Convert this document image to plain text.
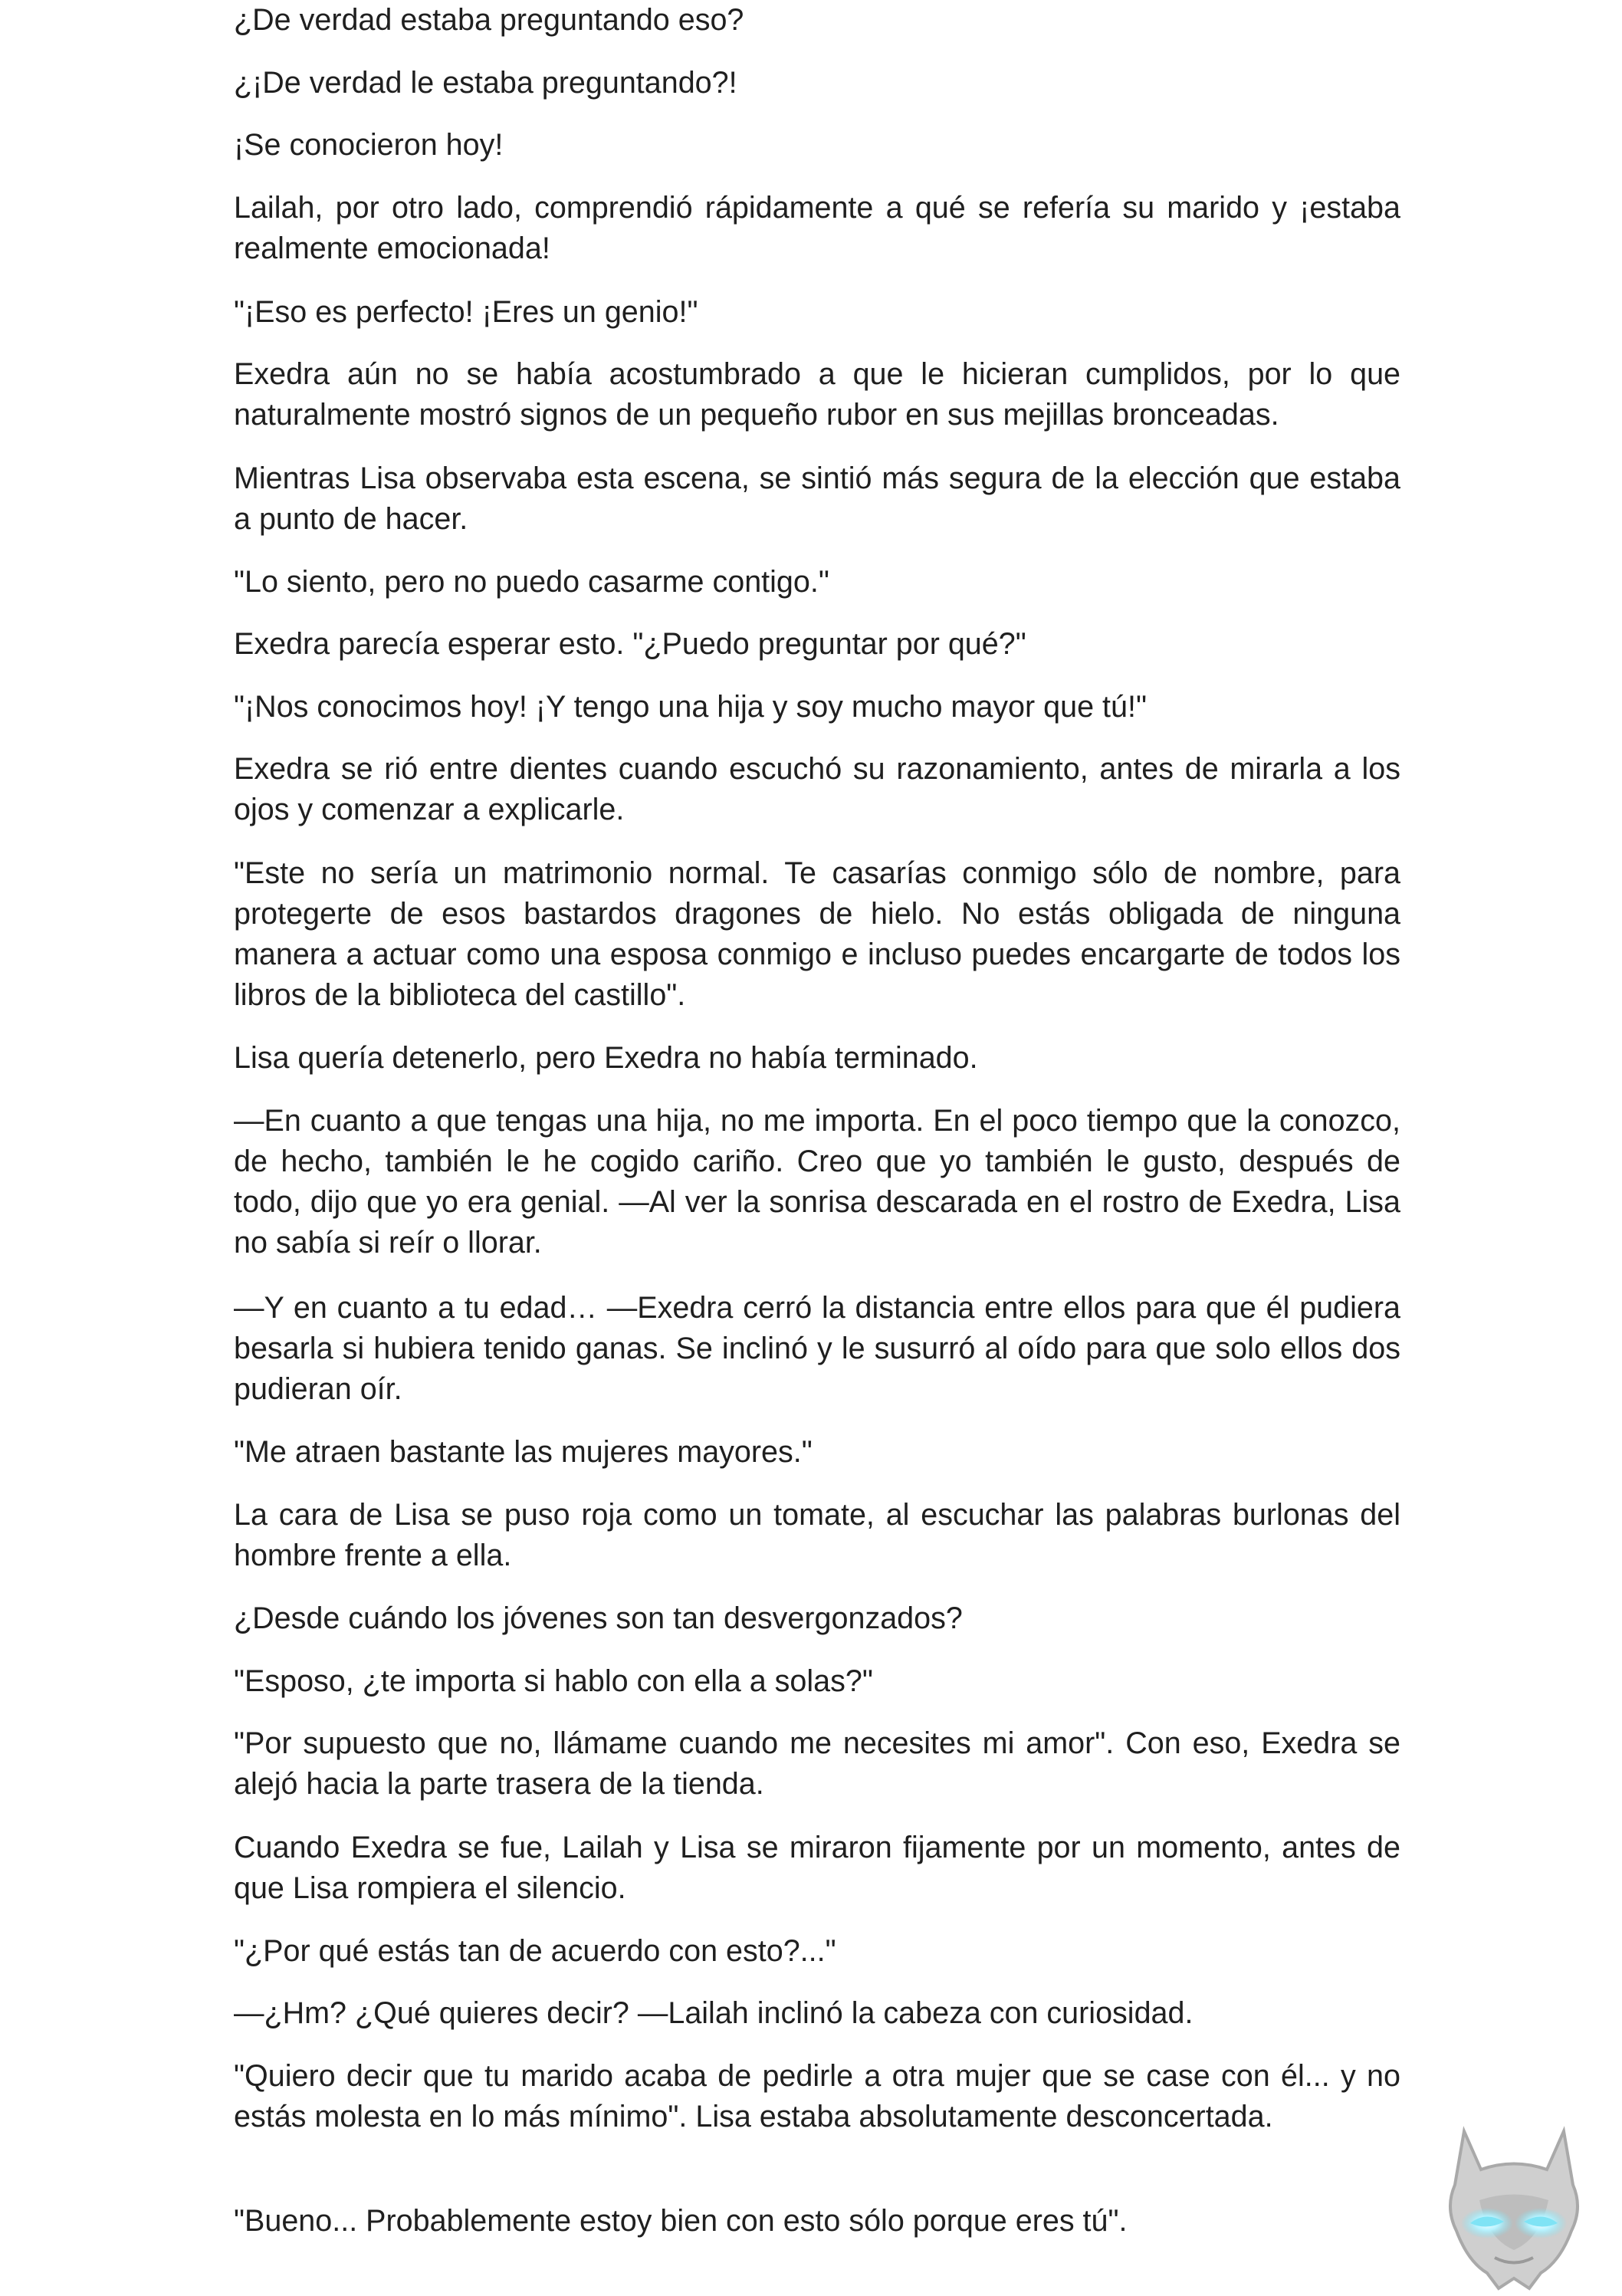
¿De verdad estaba preguntando eso?

¿¡De verdad le estaba preguntando?!

¡Se conocieron hoy!

Lailah, por otro lado, comprendió rápidamente a qué se refería su marido y ¡estaba realmente emocionada!

"¡Eso es perfecto! ¡Eres un genio!"

Exedra aún no se había acostumbrado a que le hicieran cumplidos, por lo que naturalmente mostró signos de un pequeño rubor en sus mejillas bronceadas.

Mientras Lisa observaba esta escena, se sintió más segura de la elección que estaba a punto de hacer.

"Lo siento, pero no puedo casarme contigo."

Exedra parecía esperar esto. "¿Puedo preguntar por qué?"

"¡Nos conocimos hoy! ¡Y tengo una hija y soy mucho mayor que tú!"

Exedra se rió entre dientes cuando escuchó su razonamiento, antes de mirarla a los ojos y comenzar a explicarle.

"Este no sería un matrimonio normal. Te casarías conmigo sólo de nombre, para protegerte de esos bastardos dragones de hielo. No estás obligada de ninguna manera a actuar como una esposa conmigo e incluso puedes encargarte de todos los libros de la biblioteca del castillo".

Lisa quería detenerlo, pero Exedra no había terminado.

—En cuanto a que tengas una hija, no me importa. En el poco tiempo que la conozco, de hecho, también le he cogido cariño. Creo que yo también le gusto, después de todo, dijo que yo era genial. —Al ver la sonrisa descarada en el rostro de Exedra, Lisa no sabía si reír o llorar.

—Y en cuanto a tu edad… —Exedra cerró la distancia entre ellos para que él pudiera besarla si hubiera tenido ganas. Se inclinó y le susurró al oído para que solo ellos dos pudieran oír.

"Me atraen bastante las mujeres mayores."

La cara de Lisa se puso roja como un tomate, al escuchar las palabras burlonas del hombre frente a ella.

¿Desde cuándo los jóvenes son tan desvergonzados?

"Esposo, ¿te importa si hablo con ella a solas?"

"Por supuesto que no, llámame cuando me necesites mi amor". Con eso, Exedra se alejó hacia la parte trasera de la tienda.

Cuando Exedra se fue, Lailah y Lisa se miraron fijamente por un momento, antes de que Lisa rompiera el silencio.

"¿Por qué estás tan de acuerdo con esto?..."

—¿Hm? ¿Qué quieres decir? —Lailah inclinó la cabeza con curiosidad.

"Quiero decir que tu marido acaba de pedirle a otra mujer que se case con él... y no estás molesta en lo más mínimo". Lisa estaba absolutamente desconcertada.

"Bueno... Probablemente estoy bien con esto sólo porque eres tú".
